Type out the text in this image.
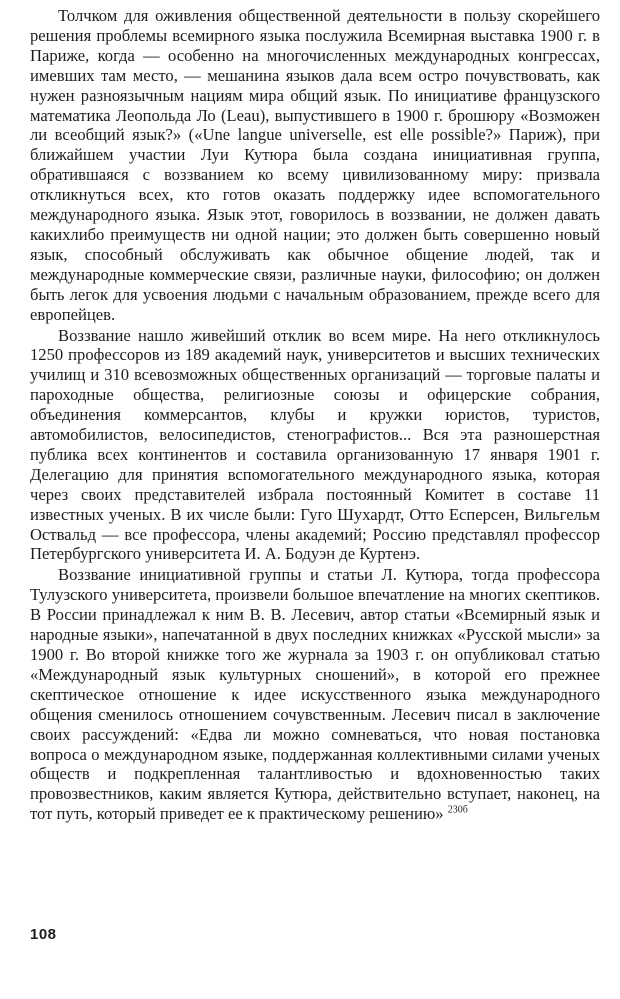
Толчком для оживления общественной деятельности в пользу скорейшего решения проблемы всемирного языка послужила Всемирная выставка 1900 г. в Париже, когда — особенно на многочисленных международных конгрессах, имевших там место, — мешанина языков дала всем остро почувствовать, как нужен разноязычным нациям мира общий язык. По инициативе французского математика Леопольда Ло (Leau), выпустившего в 1900 г. брошюру «Возможен ли всеобщий язык?» («Une langue universelle, est elle possible?» Париж), при ближайшем участии Луи Кутюра была создана инициативная группа, обратившаяся с воззванием ко всему цивилизованному миру: призвала откликнуться всех, кто готов оказать поддержку идее вспомогательного международного языка. Язык этот, говорилось в воззвании, не должен давать какихлибо преимуществ ни одной нации; это должен быть совершенно новый язык, способный обслуживать как обычное общение людей, так и международные коммерческие связи, различные науки, философию; он должен быть легок для усвоения людьми с начальным образованием, прежде всего для европейцев.

Воззвание нашло живейший отклик во всем мире. На него откликнулось 1250 профессоров из 189 академий наук, университетов и высших технических училищ и 310 всевозможных общественных организаций — торговые палаты и пароходные общества, религиозные союзы и офицерские собрания, объединения коммерсантов, клубы и кружки юристов, туристов, автомобилистов, велосипедистов, стенографистов... Вся эта разношерстная публика всех континентов и составила организованную 17 января 1901 г. Делегацию для принятия вспомогательного международного языка, которая через своих представителей избрала постоянный Комитет в составе 11 известных ученых. В их числе были: Гуго Шухардт, Отто Есперсен, Вильгельм Оствальд — все профессора, члены академий; Россию представлял профессор Петербургского университета И. А. Бодуэн де Куртенэ.

Воззвание инициативной группы и статьи Л. Кутюра, тогда профессора Тулузского университета, произвели большое впечатление на многих скептиков. В России принадлежал к ним В. В. Лесевич, автор статьи «Всемирный язык и народные языки», напечатанной в двух последних книжках «Русской мысли» за 1900 г. Во второй книжке того же журнала за 1903 г. он опубликовал статью «Международный язык культурных сношений», в которой его прежнее скептическое отношение к идее искусственного языка международного общения сменилось отношением сочувственным. Лесевич писал в заключение своих рассуждений: «Едва ли можно сомневаться, что новая постановка вопроса о международном языке, поддержанная коллективными силами ученых обществ и подкрепленная талантливостью и вдохновенностью таких провозвестников, каким является Кутюра, действительно вступает, наконец, на тот путь, который приведет ее к практическому решению» $^{230б}$

108
